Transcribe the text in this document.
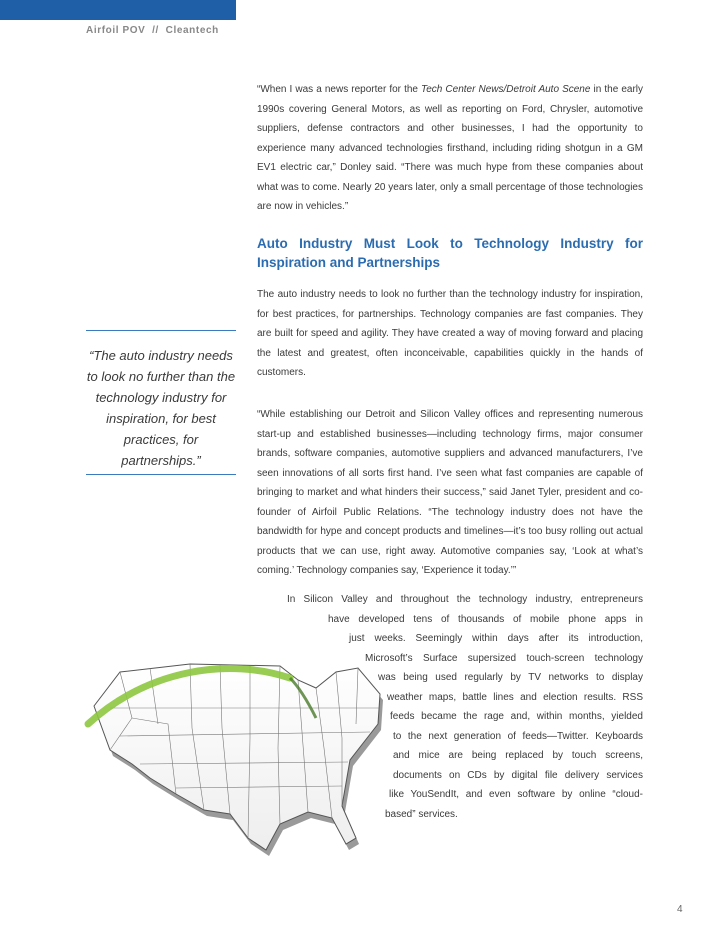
Airfoil POV  //  Cleantech

“When I was a news reporter for the Tech Center News/Detroit Auto Scene in the early 1990s covering General Motors, as well as reporting on Ford, Chrysler, automotive suppliers, defense contractors and other businesses, I had the opportunity to experience many advanced technologies firsthand, including riding shotgun in a GM EV1 electric car,” Donley said. “There was much hype from these companies about what was to come. Nearly 20 years later, only a small percentage of those technologies are now in vehicles.”

Auto Industry Must Look to Technology Industry for Inspiration and Partnerships

The auto industry needs to look no further than the technology industry for inspiration, for best practices, for partnerships. Technology companies are fast companies. They are built for speed and agility. They have created a way of moving forward and placing the latest and greatest, often inconceivable, capabilities quickly in the hands of customers.

“While establishing our Detroit and Silicon Valley offices and representing numerous start-up and established businesses—including technology firms, major consumer brands, software companies, automotive suppliers and advanced manufacturers, I’ve seen innovations of all sorts first hand. I’ve seen what fast companies are capable of bringing to market and what hinders their success,” said Janet Tyler, president and co-founder of Airfoil Public Relations. “The technology industry does not have the bandwidth for hype and concept products and timelines—it’s too busy rolling out actual products that we can use, right away. Automotive companies say, ‘Look at what’s coming.’ Technology companies say, ‘Experience it today.’”

“The auto industry needs to look no further than the technology industry for inspiration, for best practices, for partnerships.”
In Silicon Valley and throughout the technology industry, entrepreneurs
have developed tens of thousands of mobile phone apps in
just weeks. Seemingly within days after its introduction,
Microsoft’s Surface supersized touch-screen technology
was being used regularly by TV networks to display
weather maps, battle lines and election results. RSS
feeds became the rage and, within months, yielded
to the next generation of feeds—Twitter. Keyboards
and mice are being replaced by touch screens,
documents on CDs by digital file delivery services
like YouSendIt, and even software by online “cloud-
based” services.
4
